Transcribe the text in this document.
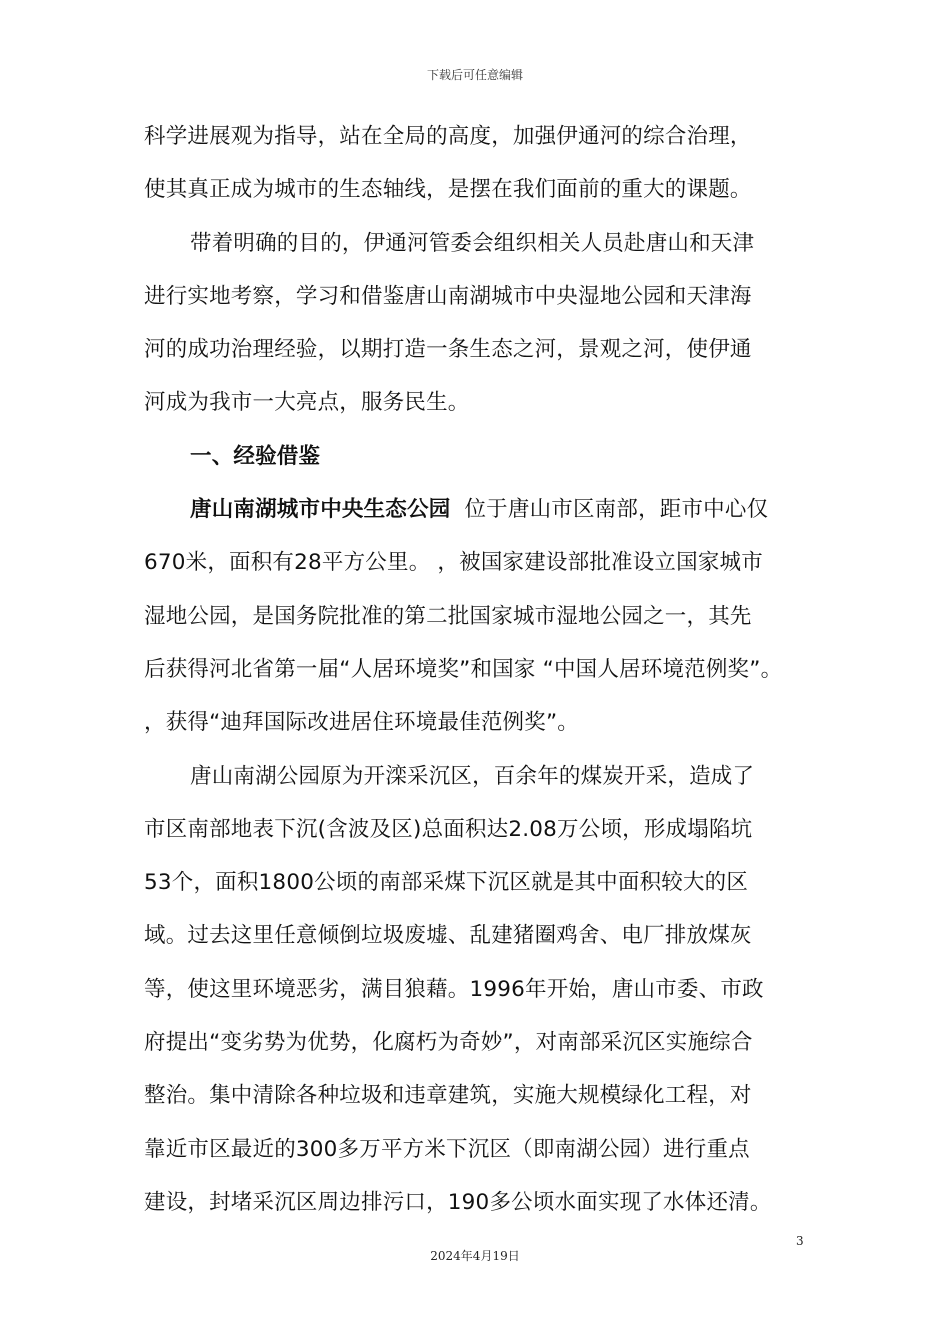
下载后可任意编辑
科学进展观为指导，站在全局的高度，加强伊通河的综合治理，
使其真正成为城市的生态轴线，是摆在我们面前的重大的课题。
带着明确的目的，伊通河管委会组织相关人员赴唐山和天津
进行实地考察，学习和借鉴唐山南湖城市中央湿地公园和天津海
河的成功治理经验，以期打造一条生态之河，景观之河，使伊通
河成为我市一大亮点，服务民生。
一、经验借鉴
唐山南湖城市中央生态公园 位于唐山市区南部，距市中心仅
670米，面积有28平方公里。 ，被国家建设部批准设立国家城市
湿地公园，是国务院批准的第二批国家城市湿地公园之一，其先
后获得河北省第一届“人居环境奖”和国家 “中国人居环境范例奖”。
，获得“迪拜国际改进居住环境最佳范例奖”。
唐山南湖公园原为开滦采沉区，百余年的煤炭开采，造成了
市区南部地表下沉(含波及区)总面积达2.08万公顷，形成塌陷坑
53个，面积1800公顷的南部采煤下沉区就是其中面积较大的区
域。过去这里任意倾倒垃圾废墟、乱建猪圈鸡舍、电厂排放煤灰
等，使这里环境恶劣，满目狼藉。1996年开始，唐山市委、市政
府提出“变劣势为优势，化腐朽为奇妙”，对南部采沉区实施综合
整治。集中清除各种垃圾和违章建筑，实施大规模绿化工程，对
靠近市区最近的300多万平方米下沉区（即南湖公园）进行重点
建设，封堵采沉区周边排污口，190多公顷水面实现了水体还清。
3
2024年4月19日
